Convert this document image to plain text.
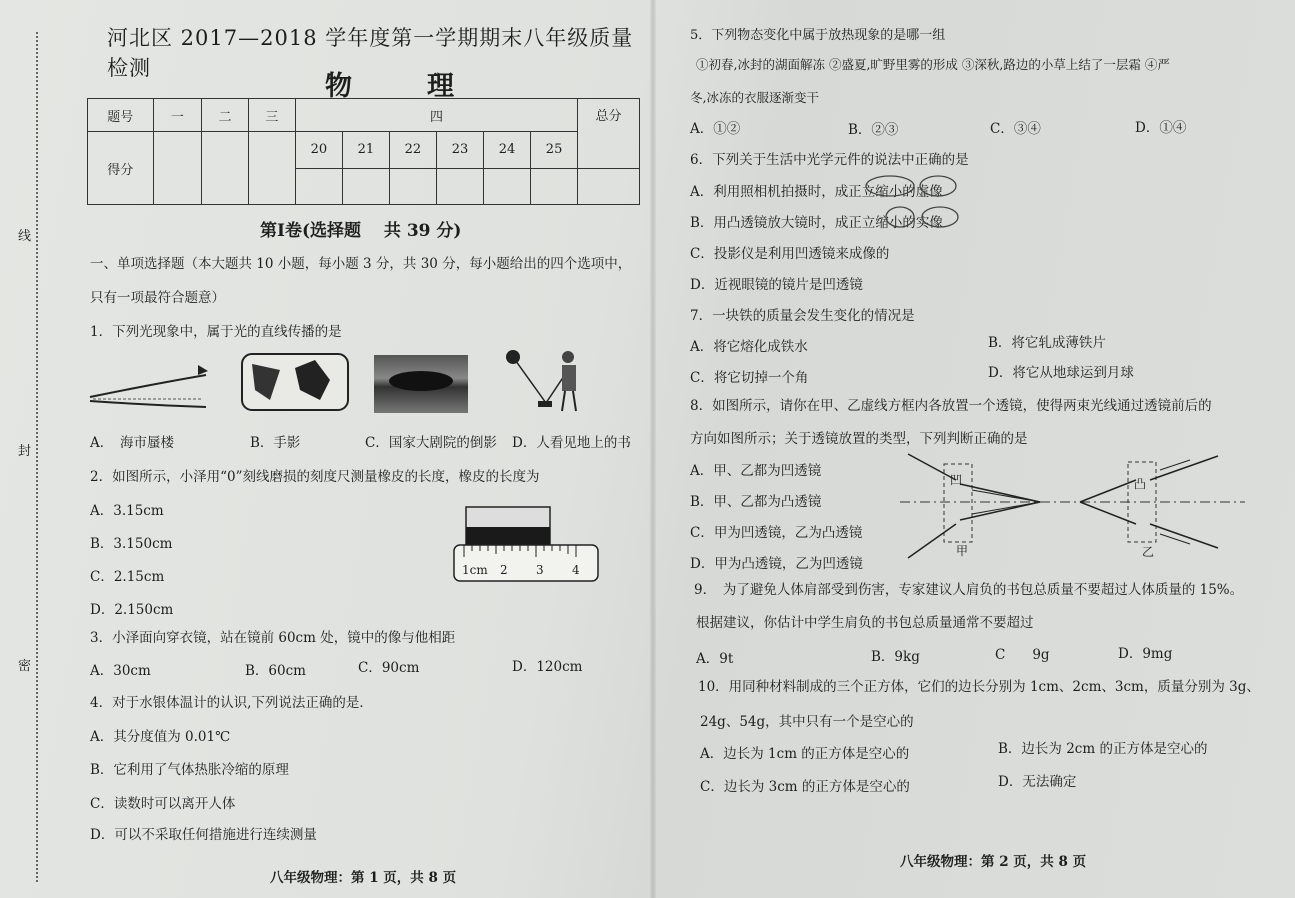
线
封
密
河北区 2017—2018 学年度第一学期期末八年级质量检测
物　理
题号	一	二	三	四						总分
得分				20	21	22	23	24	25	

第Ⅰ卷(选择题　 共 39 分)
一、单项选择题（本大题共 10 小题，每小题 3 分，共 30 分，每小题给出的四个选项中，
只有一项最符合题意）
1．下列光现象中，属于光的直线传播的是
A．　海市蜃楼	B．手影	C．国家大剧院的倒影 D．人看见地上的书
2．如图所示，小泽用“0”刻线磨损的刻度尺测量橡皮的长度，橡皮的长度为
A．3.15cm
B．3.150cm
C．2.15cm
D．2.150cm
1cm 2 3 4
3．小泽面向穿衣镜，站在镜前 60cm 处，镜中的像与他相距
A．30cm	B．60cm	C．90cm	D．120cm
4．对于水银体温计的认识,下列说法正确的是．
A．其分度值为 0.01℃
B．它利用了气体热胀冷缩的原理
C．读数时可以离开人体
D．可以不采取任何措施进行连续测量
八年级物理：第 1 页，共 8 页
5．下列物态变化中属于放热现象的是哪一组
①初春,冰封的湖面解冻 ②盛夏,旷野里雾的形成 ③深秋,路边的小草上结了一层霜 ④严
冬,冰冻的衣服逐渐变干
A．①②	B．②③	C．③④	D．①④
6．下列关于生活中光学元件的说法中正确的是
A．利用照相机拍摄时，成正立缩小的虚像
B．用凸透镜放大镜时，成正立缩小的实像
C．投影仪是利用凹透镜来成像的
D．近视眼镜的镜片是凹透镜
7．一块铁的质量会发生变化的情况是
A．将它熔化成铁水	B．将它轧成薄铁片
C．将它切掉一个角	D．将它从地球运到月球
8．如图所示，请你在甲、乙虚线方框内各放置一个透镜，使得两束光线通过透镜前后的
方向如图所示；关于透镜放置的类型，下列判断正确的是
A．甲、乙都为凹透镜
B．甲、乙都为凸透镜
C．甲为凹透镜，乙为凸透镜
D．甲为凸透镜，乙为凹透镜
甲	乙
凹	凸
9．　为了避免人体肩部受到伤害，专家建议人肩负的书包总质量不要超过人体质量的 15%。
根据建议，你估计中学生肩负的书包总质量通常不要超过
A．9t	B．9kg	C　　9g	D．9mg
10．用同种材料制成的三个正方体，它们的边长分别为 1cm、2cm、3cm，质量分别为 3g、
24g、54g，其中只有一个是空心的
A．边长为 1cm 的正方体是空心的	B．边长为 2cm 的正方体是空心的
C．边长为 3cm 的正方体是空心的	D．无法确定
八年级物理：第 2 页，共 8 页
